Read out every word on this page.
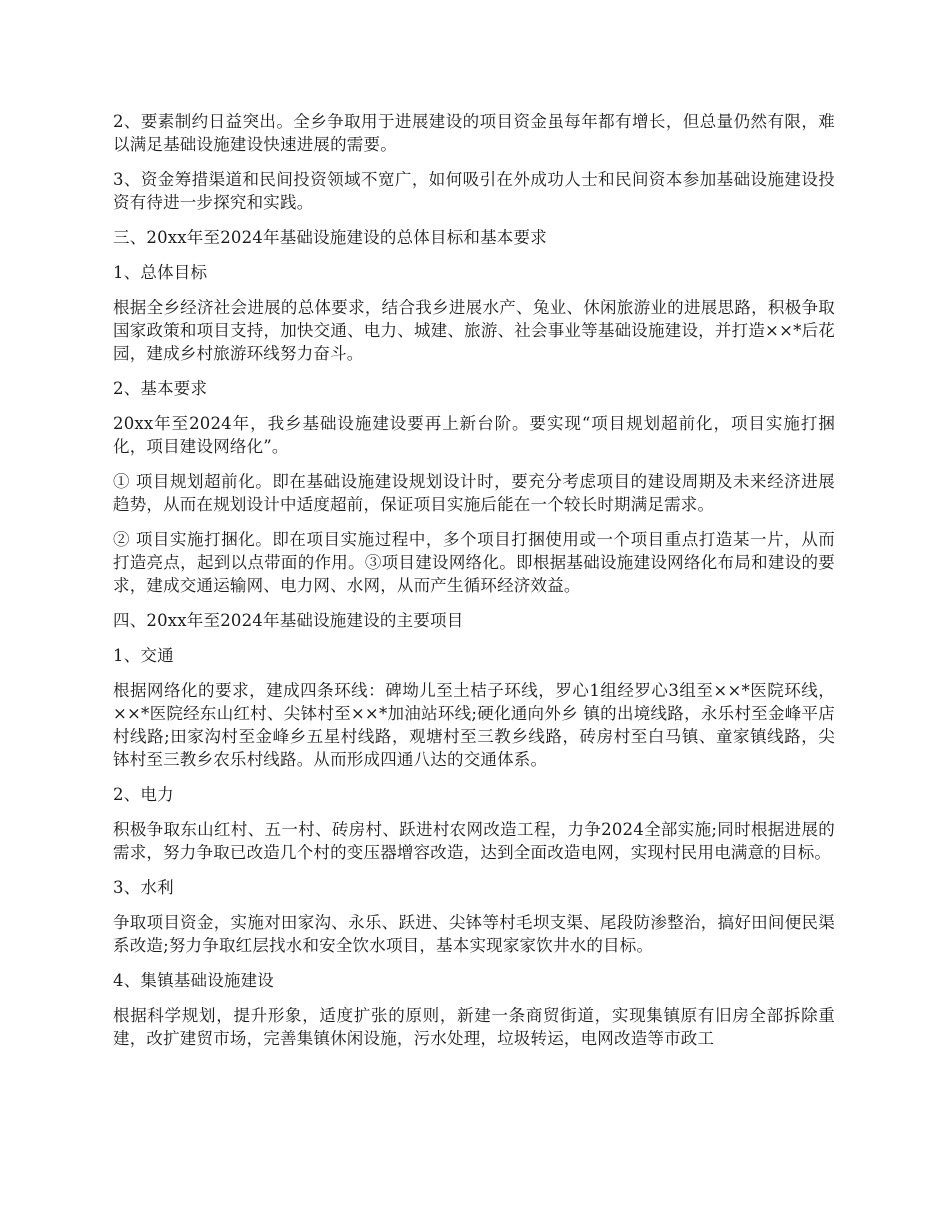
2、要素制约日益突出。全乡争取用于进展建设的项目资金虽每年都有增长，但总量仍然有限，难以满足基础设施建设快速进展的需要。

3、资金筹措渠道和民间投资领域不宽广，如何吸引在外成功人士和民间资本参加基础设施建设投资有待进一步探究和实践。

三、20xx年至2024年基础设施建设的总体目标和基本要求

1、总体目标

根据全乡经济社会进展的总体要求，结合我乡进展水产、兔业、休闲旅游业的进展思路，积极争取国家政策和项目支持，加快交通、电力、城建、旅游、社会事业等基础设施建设，并打造××*后花园，建成乡村旅游环线努力奋斗。

2、基本要求

20xx年至2024年，我乡基础设施建设要再上新台阶。要实现“项目规划超前化，项目实施打捆化，项目建设网络化”。

① 项目规划超前化。即在基础设施建设规划设计时，要充分考虑项目的建设周期及未来经济进展趋势，从而在规划设计中适度超前，保证项目实施后能在一个较长时期满足需求。

② 项目实施打捆化。即在项目实施过程中，多个项目打捆使用或一个项目重点打造某一片，从而打造亮点，起到以点带面的作用。③项目建设网络化。即根据基础设施建设网络化布局和建设的要求，建成交通运输网、电力网、水网，从而产生循环经济效益。

四、20xx年至2024年基础设施建设的主要项目

1、交通

根据网络化的要求，建成四条环线：碑坳儿至土桔子环线，罗心1组经罗心3组至××*医院环线，××*医院经东山红村、尖钵村至××*加油站环线;硬化通向外乡 镇的出境线路，永乐村至金峰平店村线路;田家沟村至金峰乡五星村线路，观塘村至三教乡线路，砖房村至白马镇、童家镇线路，尖钵村至三教乡农乐村线路。从而形成四通八达的交通体系。

2、电力

积极争取东山红村、五一村、砖房村、跃进村农网改造工程，力争2024全部实施;同时根据进展的需求，努力争取已改造几个村的变压器增容改造，达到全面改造电网，实现村民用电满意的目标。

3、水利

争取项目资金，实施对田家沟、永乐、跃进、尖钵等村毛坝支渠、尾段防渗整治，搞好田间便民渠系改造;努力争取红层找水和安全饮水项目，基本实现家家饮井水的目标。

4、集镇基础设施建设

根据科学规划，提升形象，适度扩张的原则，新建一条商贸街道，实现集镇原有旧房全部拆除重建，改扩建贸市场，完善集镇休闲设施，污水处理，垃圾转运，电网改造等市政工
